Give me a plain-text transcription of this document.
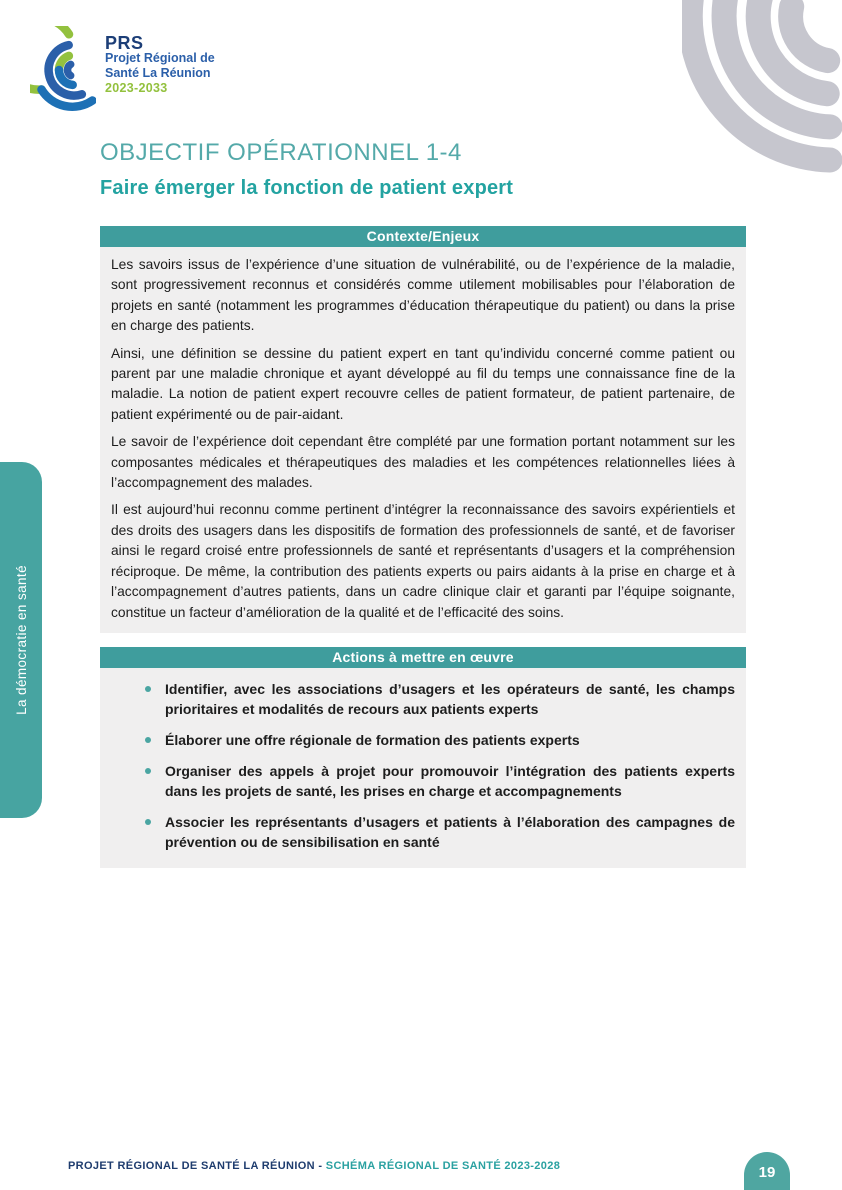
PRS
Projet Régional de
Santé La Réunion
2023-2033
La démocratie en santé
OBJECTIF OPÉRATIONNEL 1-4
Faire émerger la fonction de patient expert
Contexte/Enjeux

Les savoirs issus de l’expérience d’une situation de vulnérabilité, ou de l’expérience de la maladie, sont progressivement reconnus et considérés comme utilement mobilisables pour l’élaboration de projets en santé (notamment les programmes d’éducation thérapeutique du patient) ou dans la prise en charge des patients.

Ainsi, une définition se dessine du patient expert en tant qu’individu concerné comme patient ou parent par une maladie chronique et ayant développé au fil du temps une connaissance fine de la maladie. La notion de patient expert recouvre celles de patient formateur, de patient partenaire, de patient expérimenté ou de pair-aidant.

Le savoir de l’expérience doit cependant être complété par une formation portant notamment sur les composantes médicales et thérapeutiques des maladies et les compétences relationnelles liées à l’accompagnement des malades.

Il est aujourd’hui reconnu comme pertinent d’intégrer la reconnaissance des savoirs expérientiels et des droits des usagers dans les dispositifs de formation des professionnels de santé, et de favoriser ainsi le regard croisé entre professionnels de santé et représentants d’usagers et la compréhension réciproque. De même, la contribution des patients experts ou pairs aidants à la prise en charge et à l’accompagnement d’autres patients, dans un cadre clinique clair et garanti par l’équipe soignante, constitue un facteur d’amélioration de la qualité et de l’efficacité des soins.

Actions à mettre en œuvre

Identifier, avec les associations d’usagers et les opérateurs de santé, les champs prioritaires et modalités de recours aux patients experts

Élaborer une offre régionale de formation des patients experts

Organiser des appels à projet pour promouvoir l’intégration des patients experts dans les projets de santé, les prises en charge et accompagnements

Associer les représentants d’usagers et patients à l’élaboration des campagnes de prévention ou de sensibilisation en santé

PROJET RÉGIONAL DE SANTÉ LA RÉUNION - SCHÉMA RÉGIONAL DE SANTÉ 2023-2028	19
